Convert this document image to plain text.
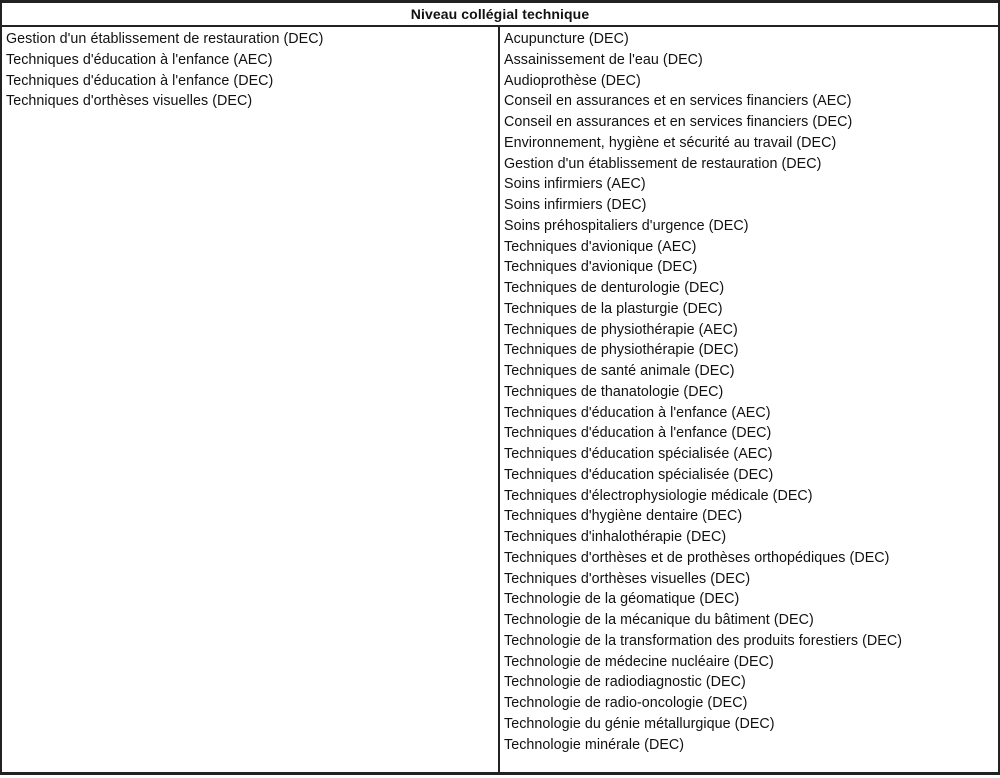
Niveau collégial technique
Gestion d'un établissement de restauration (DEC)
Techniques d'éducation à l'enfance (AEC)
Techniques d'éducation à l'enfance (DEC)
Techniques d'orthèses visuelles (DEC)
Acupuncture (DEC)
Assainissement de l'eau (DEC)
Audioprothèse (DEC)
Conseil en assurances et en services financiers (AEC)
Conseil en assurances et en services financiers (DEC)
Environnement, hygiène et sécurité au travail (DEC)
Gestion d'un établissement de restauration (DEC)
Soins infirmiers (AEC)
Soins infirmiers (DEC)
Soins préhospitaliers d'urgence (DEC)
Techniques d'avionique (AEC)
Techniques d'avionique (DEC)
Techniques de denturologie (DEC)
Techniques de la plasturgie (DEC)
Techniques de physiothérapie (AEC)
Techniques de physiothérapie (DEC)
Techniques de santé animale (DEC)
Techniques de thanatologie (DEC)
Techniques d'éducation à l'enfance (AEC)
Techniques d'éducation à l'enfance (DEC)
Techniques d'éducation spécialisée (AEC)
Techniques d'éducation spécialisée (DEC)
Techniques d'électrophysiologie médicale (DEC)
Techniques d'hygiène dentaire (DEC)
Techniques d'inhalothérapie (DEC)
Techniques d'orthèses et de prothèses orthopédiques (DEC)
Techniques d'orthèses visuelles (DEC)
Technologie de la géomatique (DEC)
Technologie de la mécanique du bâtiment (DEC)
Technologie de la transformation des produits forestiers (DEC)
Technologie de médecine nucléaire (DEC)
Technologie de radiodiagnostic (DEC)
Technologie de radio-oncologie (DEC)
Technologie du génie métallurgique (DEC)
Technologie minérale (DEC)
